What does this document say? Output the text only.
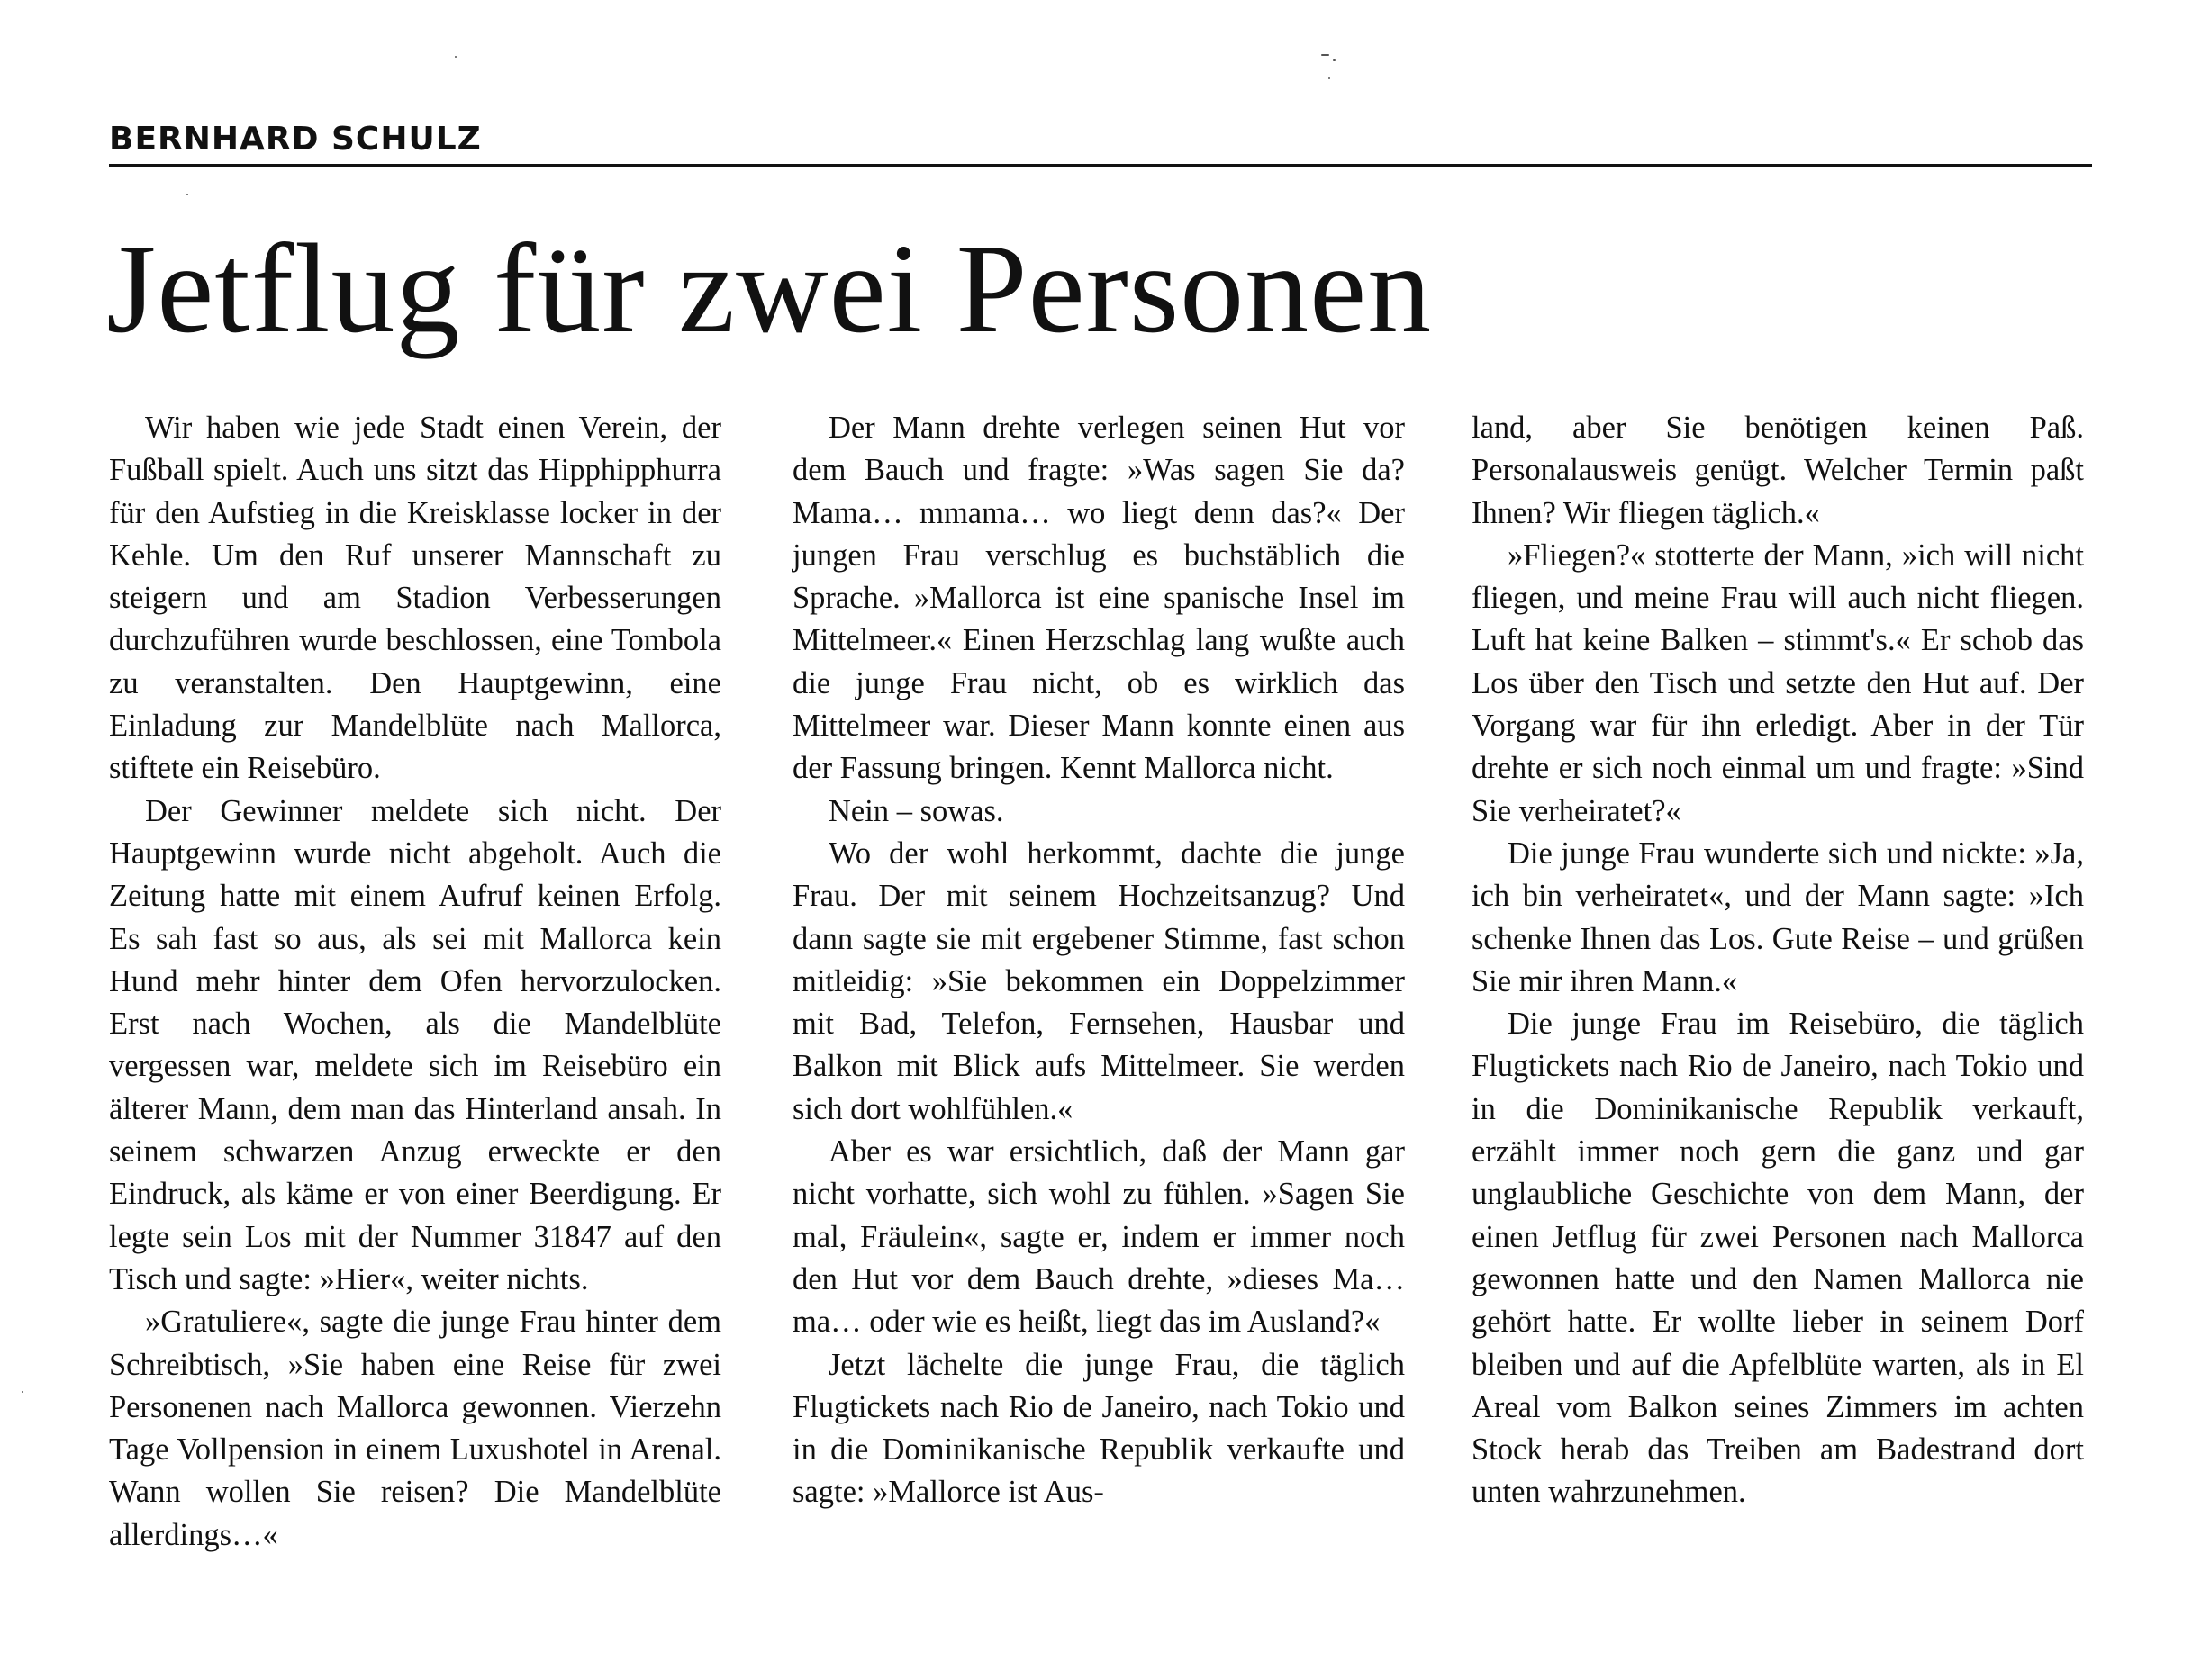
BERNHARD SCHULZ
Jetflug für zwei Personen

Wir haben wie jede Stadt einen Verein, der Fußball spielt. Auch uns sitzt das Hipphipphurra für den Aufstieg in die Kreisklasse locker in der Kehle. Um den Ruf unserer Mannschaft zu steigern und am Stadion Verbesserungen durchzuführen wurde beschlossen, eine Tombola zu veranstalten. Den Hauptgewinn, eine Einladung zur Mandelblüte nach Mallorca, stiftete ein Reisebüro.

Der Gewinner meldete sich nicht. Der Hauptgewinn wurde nicht abgeholt. Auch die Zeitung hatte mit einem Aufruf keinen Erfolg. Es sah fast so aus, als sei mit Mallorca kein Hund mehr hinter dem Ofen hervorzulocken. Erst nach Wochen, als die Mandelblüte vergessen war, meldete sich im Reisebüro ein älterer Mann, dem man das Hinterland ansah. In seinem schwarzen Anzug erweckte er den Eindruck, als käme er von einer Beerdigung. Er legte sein Los mit der Nummer 31847 auf den Tisch und sagte: »Hier«, weiter nichts.

»Gratuliere«, sagte die junge Frau hinter dem Schreibtisch, »Sie haben eine Reise für zwei Personenen nach Mallorca gewonnen. Vierzehn Tage Vollpension in einem Luxushotel in Arenal. Wann wollen Sie reisen? Die Mandelblüte allerdings…«

Der Mann drehte verlegen seinen Hut vor dem Bauch und fragte: »Was sagen Sie da? Mama… mmama… wo liegt denn das?« Der jungen Frau verschlug es buchstäblich die Sprache. »Mallorca ist eine spanische Insel im Mittelmeer.« Einen Herzschlag lang wußte auch die junge Frau nicht, ob es wirklich das Mittelmeer war. Dieser Mann konnte einen aus der Fassung bringen. Kennt Mallorca nicht.

Nein – sowas.

Wo der wohl herkommt, dachte die junge Frau. Der mit seinem Hochzeitsanzug? Und dann sagte sie mit ergebener Stimme, fast schon mitleidig: »Sie bekommen ein Doppelzimmer mit Bad, Telefon, Fernsehen, Hausbar und Balkon mit Blick aufs Mittelmeer. Sie werden sich dort wohlfühlen.«

Aber es war ersichtlich, daß der Mann gar nicht vorhatte, sich wohl zu fühlen. »Sagen Sie mal, Fräulein«, sagte er, indem er immer noch den Hut vor dem Bauch drehte, »dieses Ma… ma… oder wie es heißt, liegt das im Ausland?«

Jetzt lächelte die junge Frau, die täglich Flugtickets nach Rio de Janeiro, nach Tokio und in die Dominikanische Republik verkaufte und sagte: »Mallorce ist Aus-

land, aber Sie benötigen keinen Paß. Personalausweis genügt. Welcher Termin paßt Ihnen? Wir fliegen täglich.«

»Fliegen?« stotterte der Mann, »ich will nicht fliegen, und meine Frau will auch nicht fliegen. Luft hat keine Balken – stimmt's.« Er schob das Los über den Tisch und setzte den Hut auf. Der Vorgang war für ihn erledigt. Aber in der Tür drehte er sich noch einmal um und fragte: »Sind Sie verheiratet?«

Die junge Frau wunderte sich und nickte: »Ja, ich bin verheiratet«, und der Mann sagte: »Ich schenke Ihnen das Los. Gute Reise – und grüßen Sie mir ihren Mann.«

Die junge Frau im Reisebüro, die täglich Flugtickets nach Rio de Janeiro, nach Tokio und in die Dominikanische Republik verkauft, erzählt immer noch gern die ganz und gar unglaubliche Geschichte von dem Mann, der einen Jetflug für zwei Personen nach Mallorca gewonnen hatte und den Namen Mallorca nie gehört hatte. Er wollte lieber in seinem Dorf bleiben und auf die Apfelblüte warten, als in El Areal vom Balkon seines Zimmers im achten Stock herab das Treiben am Badestrand dort unten wahrzunehmen.
